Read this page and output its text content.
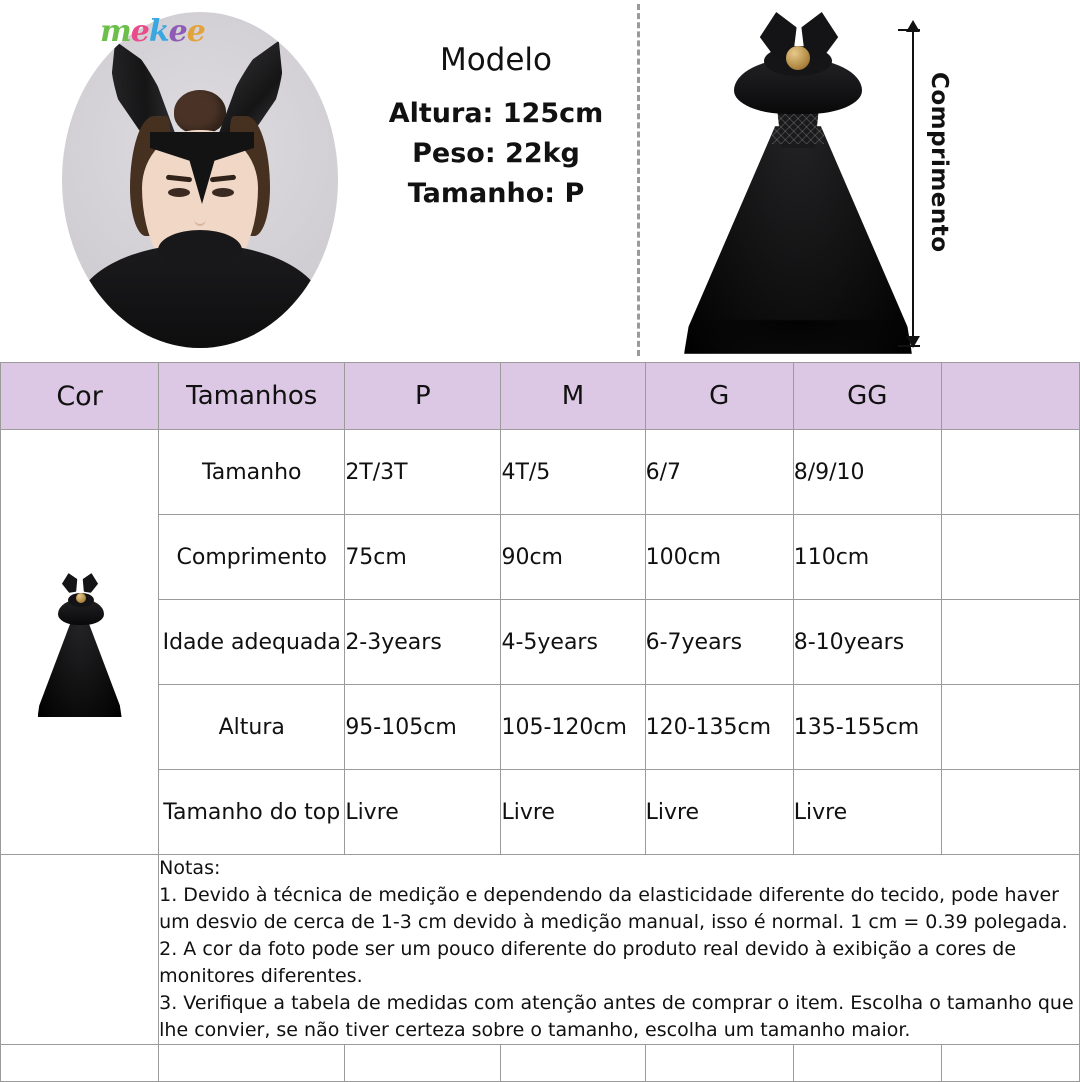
mekee
Modelo
Altura: 125cm
Peso: 22kg
Tamanho: P	Comprimento
Cor	Tamanhos	P	M	G	GG	

	Tamanho	2T/3T	4T/5	6/7	8/9/10	
	Comprimento	75cm	90cm	100cm	110cm	
	Idade adequada	2-3years	4-5years	6-7years	8-10years	
	Altura	95-105cm	105-120cm	120-135cm	135-155cm	
	Tamanho do top	Livre	Livre	Livre	Livre	

	Notas:

1. Devido à técnica de medição e dependendo da elasticidade diferente do tecido, pode haver um desvio de cerca de 1-3 cm devido à medição manual, isso é normal. 1 cm = 0.39 polegada.

2. A cor da foto pode ser um pouco diferente do produto real devido à exibição a cores de monitores diferentes.

3. Verifique a tabela de medidas com atenção antes de comprar o item. Escolha o tamanho que lhe convier, se não tiver certeza sobre o tamanho, escolha um tamanho maior.					
